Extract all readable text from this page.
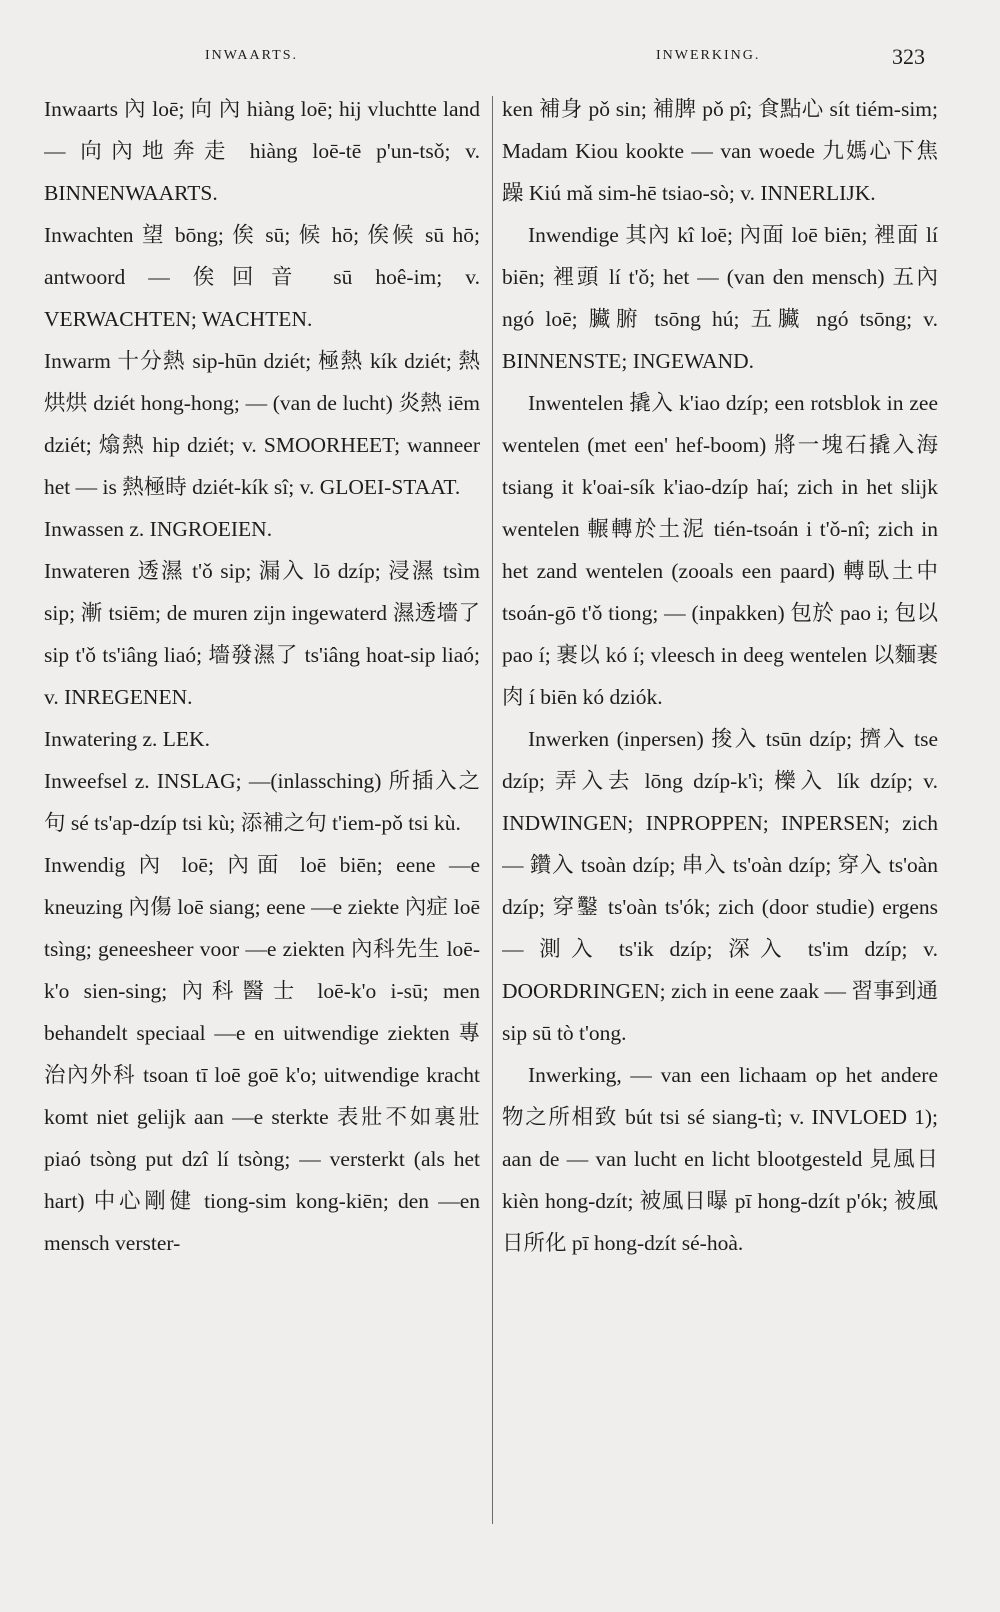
INWAARTS.	INWERKING.	323

Inwaarts 內 loē; 向 內 hiàng loē; hij vluchtte land— 向內地奔走 hiàng loē-tē p'un-tsǒ; v. BINNENWAARTS.

Inwachten 望 bōng; 俟 sū; 候 hō; 俟候 sū hō; antwoord — 俟回音 sū hoê-im; v. VERWACHTEN; WACHTEN.

Inwarm 十分熱 sip-hūn dziét; 極熱 kík dziét; 熱烘烘 dziét hong-hong; — (van de lucht) 炎熱 iēm dziét; 熻熱 hip dziét; v. SMOORHEET; wanneer het — is 熱極時 dziét-kík sî; v. GLOEI-STAAT.

Inwassen z. INGROEIEN.

Inwateren 透濕 t'ǒ sip; 漏入 lō dzíp; 浸濕 tsìm sip; 漸 tsiēm; de muren zijn ingewaterd 濕透墻了 sip t'ǒ ts'iâng liaó; 墻發濕了 ts'iâng hoat-sip liaó; v. INREGENEN.

Inwatering z. LEK.

Inweefsel z. INSLAG; —(inlassching) 所插入之句 sé ts'ap-dzíp tsi kù; 添補之句 t'iem-pǒ tsi kù.

Inwendig 內 loē; 內面 loē biēn; eene —e kneuzing 內傷 loē siang; eene —e ziekte 內症 loē tsìng; geneesheer voor —e ziekten 內科先生 loē-k'o sien-sing; 內科醫士 loē-k'o i-sū; men behandelt speciaal —e en uitwendige ziekten 專治內外科 tsoan tī loē goē k'o; uitwendige kracht komt niet gelijk aan —e sterkte 表壯不如裏壯 piaó tsòng put dzî lí tsòng; — versterkt (als het hart) 中心剛健 tiong-sim kong-kiēn; den —en mensch verster-

ken 補身 pǒ sin; 補脾 pǒ pî; 食點心 sít tiém-sim; Madam Kiou kookte — van woede 九媽心下焦躁 Kiú mǎ sim-hē tsiao-sò; v. INNERLIJK.

Inwendige 其內 kî loē; 內面 loē biēn; 裡面 lí biēn; 裡頭 lí t'ǒ; het — (van den mensch) 五內 ngó loē; 臟腑 tsōng hú; 五臟 ngó tsōng; v. BINNENSTE; INGEWAND.

Inwentelen 撬入 k'iao dzíp; een rotsblok in zee wentelen (met een' hef-boom) 將一塊石撬入海 tsiang it k'oai-sík k'iao-dzíp haí; zich in het slijk wentelen 輾轉於土泥 tién-tsoán i t'ǒ-nî; zich in het zand wentelen (zooals een paard) 轉臥土中 tsoán-gō t'ǒ tiong; — (inpakken) 包於 pao i; 包以 pao í; 裹以 kó í; vleesch in deeg wentelen 以麵裹肉 í biēn kó dziók.

Inwerken (inpersen) 捘入 tsūn dzíp; 擠入 tse dzíp; 弄入去 lōng dzíp-k'ì; 櫟入 lík dzíp; v. INDWINGEN; INPROPPEN; INPERSEN; zich — 鑽入 tsoàn dzíp; 串入 ts'oàn dzíp; 穿入 ts'oàn dzíp; 穿鑿 ts'oàn ts'ók; zich (door studie) ergens — 測入 ts'ik dzíp; 深入 ts'im dzíp; v. DOORDRINGEN; zich in eene zaak — 習事到通 sip sū tò t'ong.

Inwerking, — van een lichaam op het andere 物之所相致 bút tsi sé siang-tì; v. INVLOED 1); aan de — van lucht en licht blootgesteld 見風日 kièn hong-dzít; 被風日曝 pī hong-dzít p'ók; 被風日所化 pī hong-dzít sé-hoà.
